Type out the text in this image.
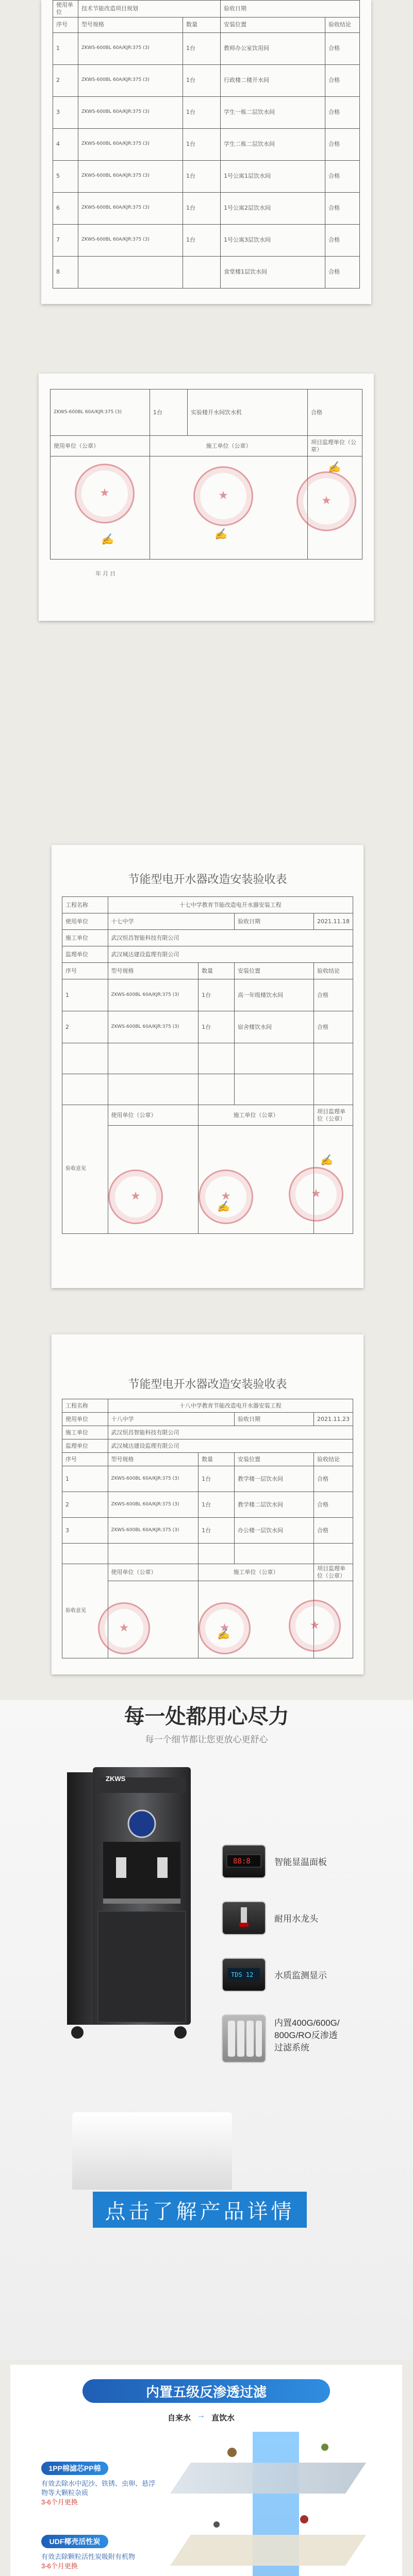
使用单位	技术节能改造项目规划		验收日期	
序号	型号规格	数量	安装位置	验收结论
1	ZKWS-600BL 60A/KJR:375 (3)	1台	教师办公室饮用间	合格
2	ZKWS-600BL 60A/KJR:375 (3)	1台	行政楼二楼开水间	合格
3	ZKWS-600BL 60A/KJR:375 (3)	1台	学生一栋二层饮水间	合格
4	ZKWS-600BL 60A/KJR:375 (3)	1台	学生二栋二层饮水间	合格
5	ZKWS-600BL 60A/KJR:375 (3)	1台	1号公寓1层饮水间	合格
6	ZKWS-600BL 60A/KJR:375 (3)	1台	1号公寓2层饮水间	合格
7	ZKWS-600BL 60A/KJR:375 (3)	1台	1号公寓3层饮水间	合格
8			食堂楼1层饮水间	合格
ZKWS-600BL 60A/KJR:375 (3)	1台	实验楼开水间饮水机	合格
使用单位（公章）	施工单位（公章）		项目监理单位（公章）

★
★
★
✍	✍
✍
年 月 日
节能型电开水器改造安装验收表
工程名称	十七中学教育节能改造电开水器安装工程			
使用单位	十七中学		验收日期	2021.11.18
施工单位	武汉恒昌智能科技有限公司			
监理单位	武汉城达建设监理有限公司			
序号	型号规格	数量	安装位置	验收结论
1	ZKWS-600BL 60A/KJR:375 (3)	1台	高一年级楼饮水间	合格
2	ZKWS-600BL 60A/KJR:375 (3)	1台	宿舍楼饮水间	合格

验收意见	使用单位（公章）	施工单位（公章）		项目监理单位（公章）

★
★
★
✍
✍
节能型电开水器改造安装验收表
工程名称	十八中学教育节能改造电开水器安装工程			
使用单位	十八中学		验收日期	2021.11.23
施工单位	武汉恒昌智能科技有限公司			
监理单位	武汉城达建设监理有限公司			
序号	型号规格	数量	安装位置	验收结论
1	ZKWS-600BL 60A/KJR:375 (3)	1台	教学楼一层饮水间	合格
2	ZKWS-600BL 60A/KJR:375 (3)	1台	教学楼二层饮水间	合格
3	ZKWS-600BL 60A/KJR:375 (3)	1台	办公楼一层饮水间	合格

验收意见	使用单位（公章）	施工单位（公章）		项目监理单位（公章）

★
★
★
✍
每一处都用心尽力
每一个细节都让您更放心更舒心
ZKWS
88:8	智能显温面板
耐用水龙头
TDS 12 水质监测显示
内置400G/600G/
800G/RO反渗透
过滤系统
点击了解产品详情
内置五级反渗透过滤
自来水 → 直饮水
1PP棉滤芯PP棉
有效去除水中泥沙、铁锈、虫卵、悬浮物等大颗粒杂质
3-6个月更换
UDF椰壳活性炭
有效去除颗粒活性炭吸附有机物
3-6个月更换
